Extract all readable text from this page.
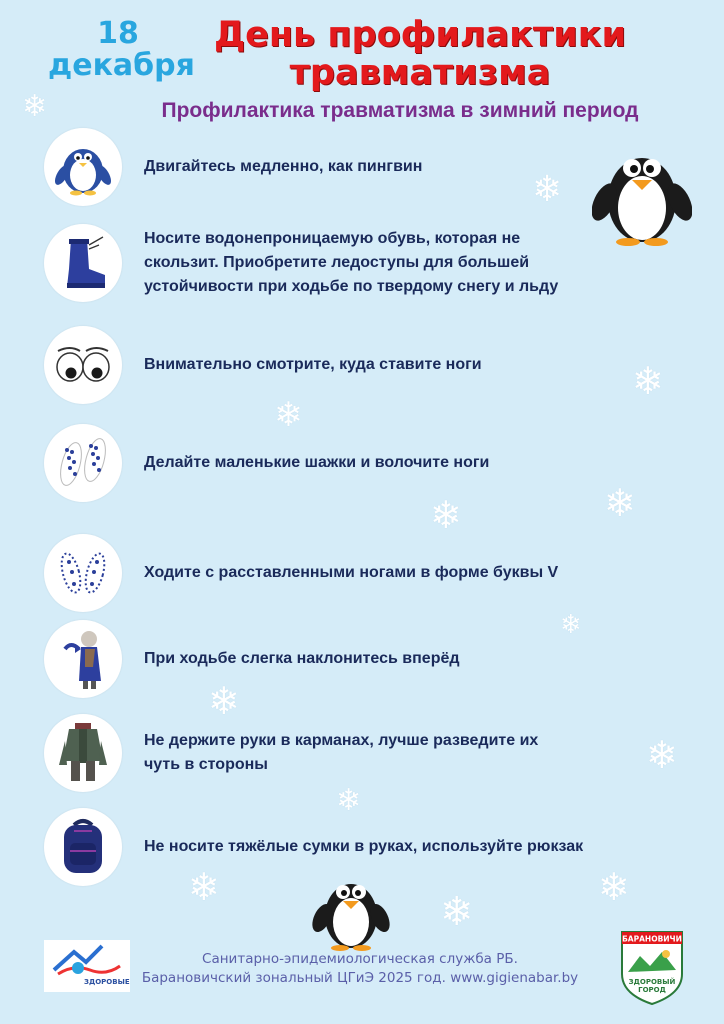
18
декабря
День профилактики
травматизма
Профилактика травматизма в зимний период
❄
❄
❄
❄
❄
❄
❄
❄
❄
❄
❄	❄
❄
Двигайтесь медленно, как пингвин
Носите водонепроницаемую обувь, которая не
скользит. Приобретите ледоступы для большей
устойчивости при ходьбе по твердому снегу и льду
Внимательно смотрите, куда ставите ноги
Делайте маленькие шажки и волочите ноги
Ходите с расставленными ногами в форме буквы V
При ходьбе слегка наклонитесь вперёд
Не держите руки в карманах, лучше разведите их
чуть в стороны
Не носите тяжёлые сумки в руках, используйте рюкзак
ЗДОРОВЫЕ
Санитарно-эпидемиологическая служба РБ.
Барановичский зональный ЦГиЭ 2025 год. www.gigienabar.by
БАРАНОВИЧИ
ЗДОРОВЫЙ
ГОРОД
